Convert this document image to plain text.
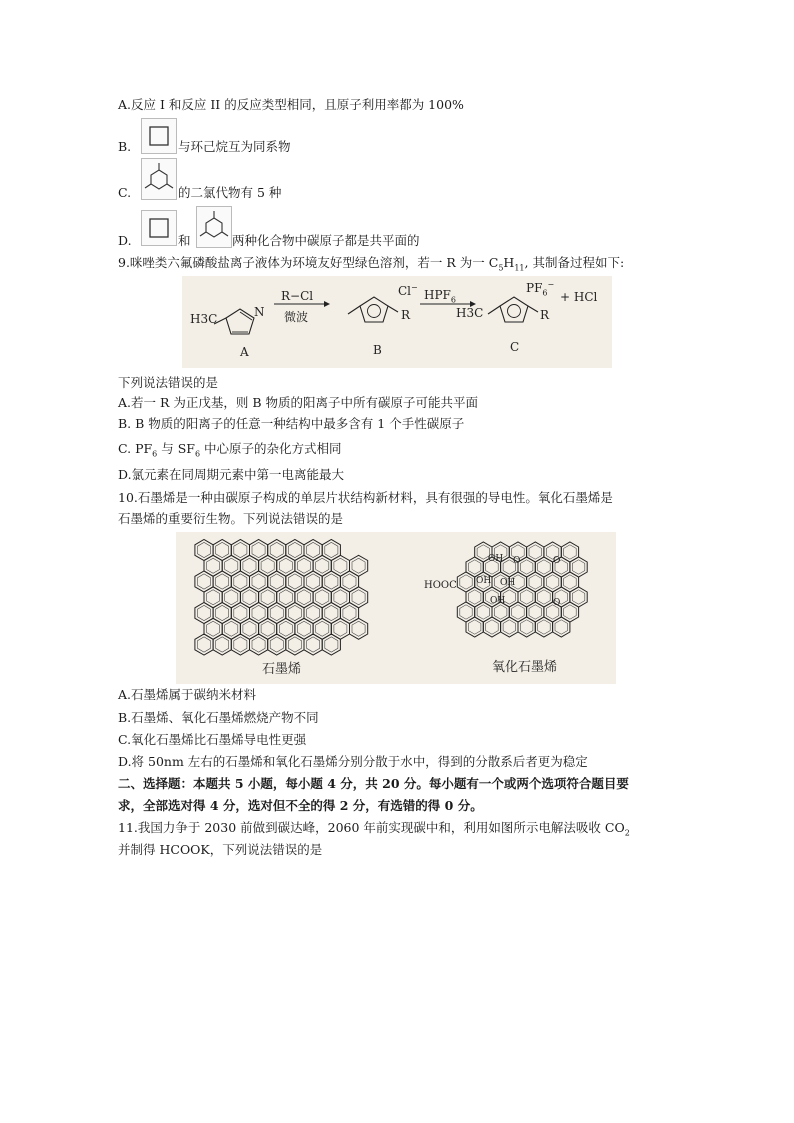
A.反应 I 和反应 II 的反应类型相同，且原子利用率都为 100%
B.	与环己烷互为同系物
C.	的二氯代物有 5 种
D.	和	两种化合物中碳原子都是共平面的
9.咪唑类六氟磷酸盐离子液体为环境友好型绿色溶剂，若一 R 为一 $C_5H_{11}$, 其制备过程如下:
H3C	N
R−Cl
微波	R
Cl−
$HPF_6$
H3C
$PF_6^-$
R
+ HCl
A	B	C
下列说法错误的是
A.若一 R 为正戊基，则 B 物质的阳离子中所有碳原子可能共平面
B. B 物质的阳离子的任意一种结构中最多含有 1 个手性碳原子
C. $PF_6$ 与 $SF_6$ 中心原子的杂化方式相同
D.氯元素在同周期元素中第一电离能最大
10.石墨烯是一种由碳原子构成的单层片状结构新材料，具有很强的导电性。氧化石墨烯是
石墨烯的重要衍生物。下列说法错误的是
石墨烯	氧化石墨烯
HOOC
OH
OH OH
OH
O	O
O
A.石墨烯属于碳纳米材料
B.石墨烯、氧化石墨烯燃烧产物不同
C.氧化石墨烯比石墨烯导电性更强
D.将 50nm 左右的石墨烯和氧化石墨烯分别分散于水中，得到的分散系后者更为稳定
二、选择题：本题共 5 小题，每小题 4 分，共 20 分。每小题有一个或两个选项符合题目要
求，全部选对得 4 分，选对但不全的得 2 分，有选错的得 0 分。
11.我国力争于 2030 前做到碳达峰，2060 年前实现碳中和，利用如图所示电解法吸收 $CO_2$
并制得 HCOOK，下列说法错误的是
